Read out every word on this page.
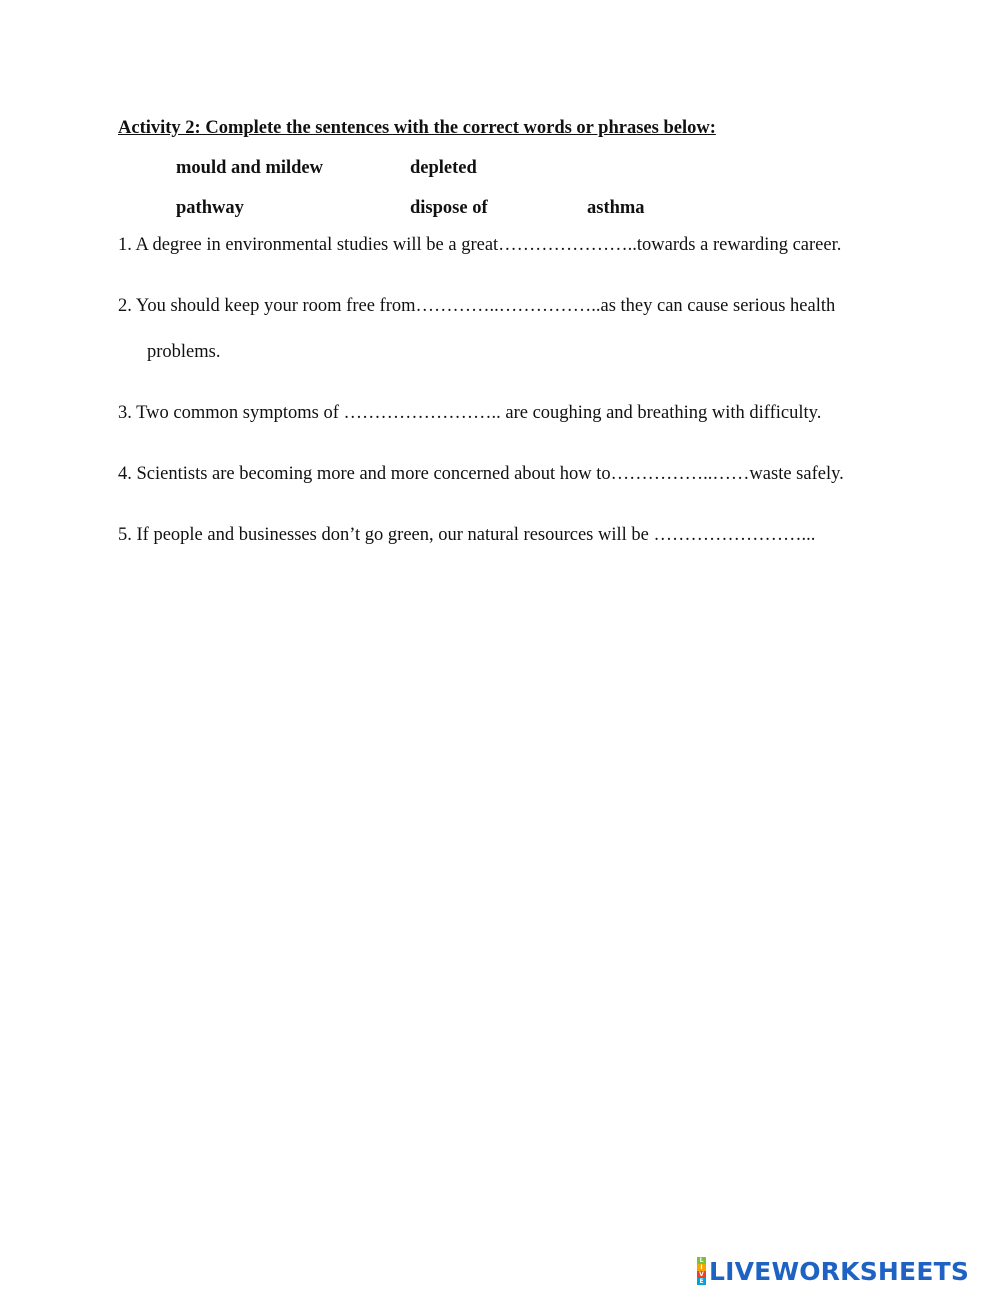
Activity 2: Complete the sentences with the correct words or phrases below:
mould and mildew	depleted
pathway	dispose of	asthma
1. A degree in environmental studies will be a great…………………..towards a rewarding career.
2. You should keep your room free from…………..……………..as they can cause serious health
problems.
3. Two common symptoms of …………………….. are coughing and breathing with difficulty.
4. Scientists are becoming more and more concerned about how to……………..……waste safely.
5. If people and businesses don’t go green, our natural resources will be ……………………...
L
I
V
E LIVEWORKSHEETS
